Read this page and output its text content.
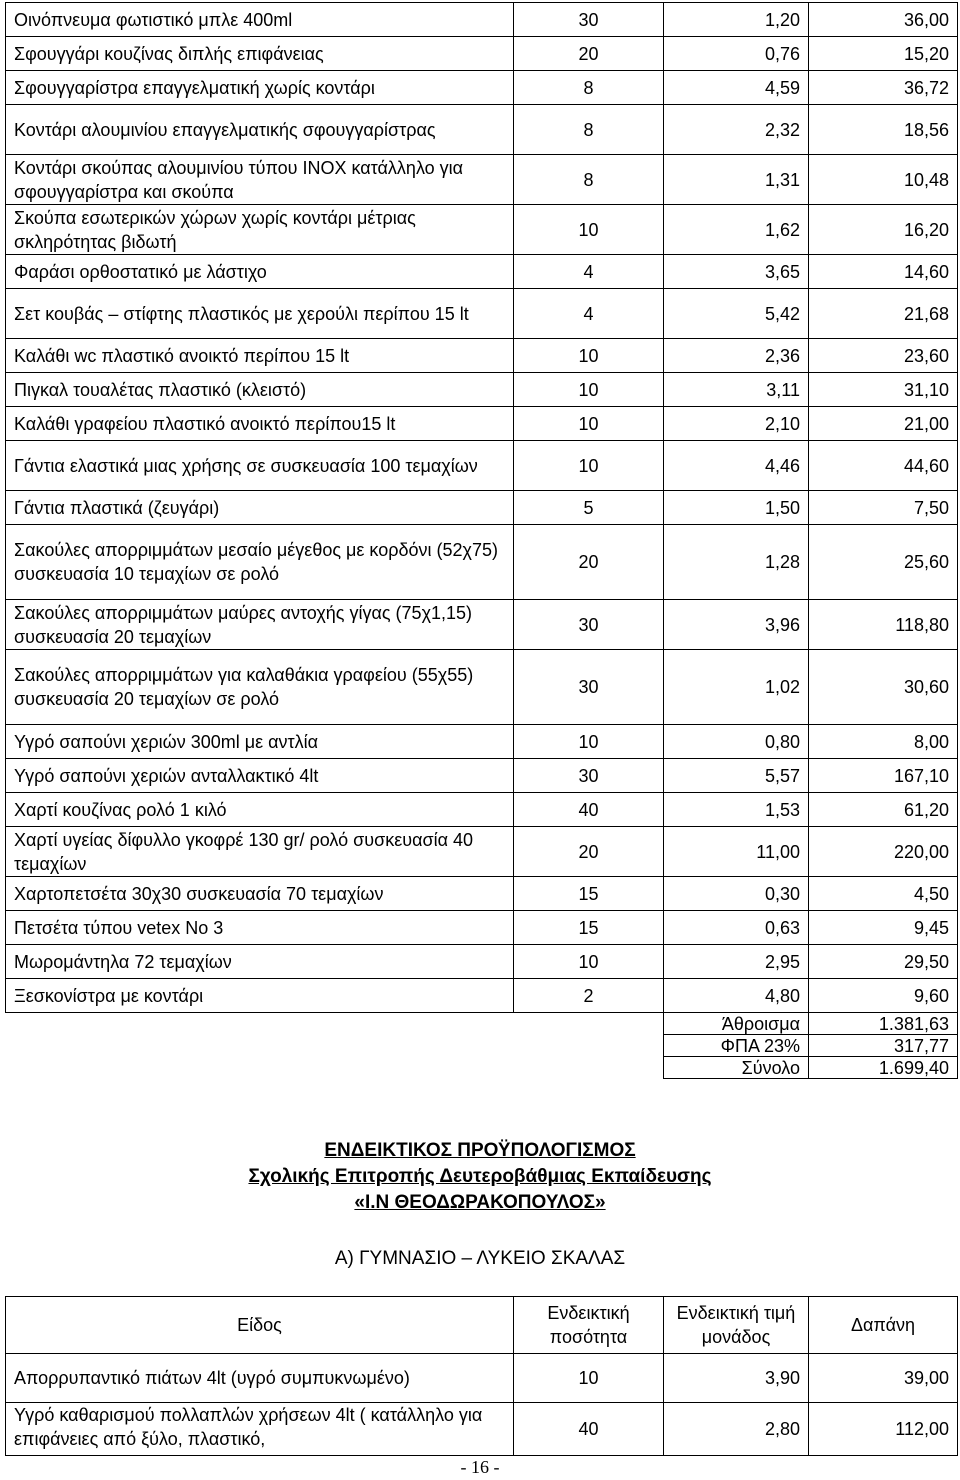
Οινόπνευμα φωτιστικό μπλε 400ml	30	1,20	36,00
Σφουγγάρι κουζίνας διπλής επιφάνειας	20	0,76	15,20
Σφουγγαρίστρα επαγγελματική χωρίς κοντάρι	8	4,59	36,72
Κοντάρι αλουμινίου επαγγελματικής σφουγγαρίστρας	8	2,32	18,56
Κοντάρι σκούπας αλουμινίου τύπου INOX κατάλληλο για σφουγγαρίστρα και σκούπα	8	1,31	10,48
Σκούπα εσωτερικών χώρων χωρίς κοντάρι μέτριας σκληρότητας βιδωτή	10	1,62	16,20
Φαράσι ορθοστατικό με λάστιχο	4	3,65	14,60
Σετ κουβάς – στίφτης πλαστικός με χερούλι περίπου 15 lt	4	5,42	21,68
Καλάθι wc πλαστικό ανοικτό περίπου 15 lt	10	2,36	23,60
Πιγκαλ τουαλέτας πλαστικό (κλειστό)	10	3,11	31,10
Καλάθι γραφείου πλαστικό ανοικτό περίπου15 lt	10	2,10	21,00
Γάντια ελαστικά μιας χρήσης σε συσκευασία 100 τεμαχίων	10	4,46	44,60
Γάντια πλαστικά (ζευγάρι)	5	1,50	7,50
Σακούλες απορριμμάτων μεσαίο μέγεθος με κορδόνι (52χ75) συσκευασία 10 τεμαχίων σε ρολό	20	1,28	25,60
Σακούλες απορριμμάτων μαύρες αντοχής γίγας (75χ1,15) συσκευασία 20 τεμαχίων	30	3,96	118,80
Σακούλες απορριμμάτων για καλαθάκια γραφείου (55χ55) συσκευασία 20 τεμαχίων σε ρολό	30	1,02	30,60
Υγρό σαπούνι χεριών 300ml με αντλία	10	0,80	8,00
Υγρό σαπούνι χεριών ανταλλακτικό 4lt	30	5,57	167,10
Χαρτί κουζίνας ρολό 1 κιλό	40	1,53	61,20
Χαρτί υγείας δίφυλλο γκοφρέ 130 gr/ ρολό συσκευασία 40 τεμαχίων	20	11,00	220,00
Χαρτοπετσέτα 30χ30 συσκευασία 70 τεμαχίων	15	0,30	4,50
Πετσέτα τύπου vetex No 3	15	0,63	9,45
Μωρομάντηλα 72 τεμαχίων	10	2,95	29,50
Ξεσκονίστρα με κοντάρι	2	4,80	9,60
		Άθροισμα	1.381,63
		ΦΠΑ 23%	317,77
		Σύνολο	1.699,40
ΕΝΔΕΙΚΤΙΚΟΣ ΠΡΟΫΠΟΛΟΓΙΣΜΟΣ
Σχολικής Επιτροπής Δευτεροβάθμιας Εκπαίδευσης
«Ι.Ν ΘΕΟΔΩΡΑΚΟΠΟΥΛΟΣ»
Α) ΓΥΜΝΑΣΙΟ – ΛΥΚΕΙΟ ΣΚΑΛΑΣ
Είδος	Ενδεικτική ποσότητα	Ενδεικτική τιμή μονάδος	Δαπάνη
Απορρυπαντικό πιάτων 4lt (υγρό συμπυκνωμένο)	10	3,90	39,00
Υγρό καθαρισμού πολλαπλών χρήσεων 4lt ( κατάλληλο για επιφάνειες από ξύλο, πλαστικό,	40	2,80	112,00
- 16 -
